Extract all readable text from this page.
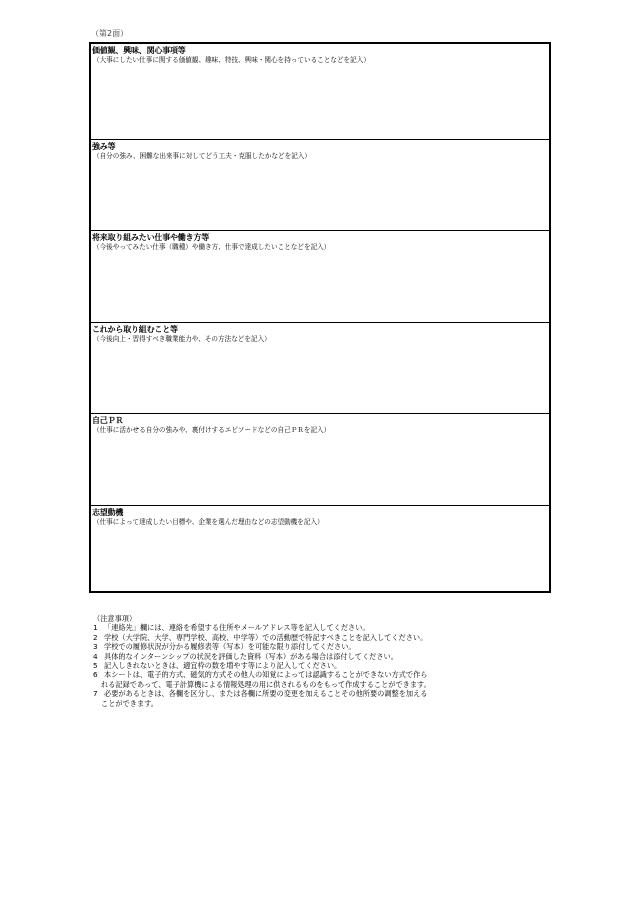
（第2面）
価値観、興味、関心事項等
（大事にしたい仕事に関する価値観、趣味、特技、興味・関心を持っていることなどを記入）
強み等
（自分の強み、困難な出来事に対してどう工夫・克服したかなどを記入）
将来取り組みたい仕事や働き方等
（今後やってみたい仕事（職種）や働き方、仕事で達成したいことなどを記入）
これから取り組むこと等
（今後向上・習得すべき職業能力や、その方法などを記入）
自己ＰＲ
（仕事に活かせる自分の強みや、裏付けするエピソードなどの自己ＰＲを記入）
志望動機
（仕事によって達成したい目標や、企業を選んだ理由などの志望動機を記入）
（注意事項）
1 「連絡先」欄には、連絡を希望する住所やメールアドレス等を記入してください。
2 学校（大学院、大学、専門学校、高校、中学等）での活動歴で特記すべきことを記入してください。
3 学校での履修状況が分かる履修表等（写本）を可能な限り添付してください。
4 具体的なインターンシップの状況を評価した資料（写本）がある場合は添付してください。
5 記入しきれないときは、適宜枠の数を増やす等により記入してください。
6 本シートは、電子的方式、磁気的方式その他人の知覚によっては認識することができない方式で作ら
れる記録であって、電子計算機による情報処理の用に供されるものをもって作成することができます。
7 必要があるときは、各欄を区分し、または各欄に所要の変更を加えることその他所要の調整を加える
ことができます。
